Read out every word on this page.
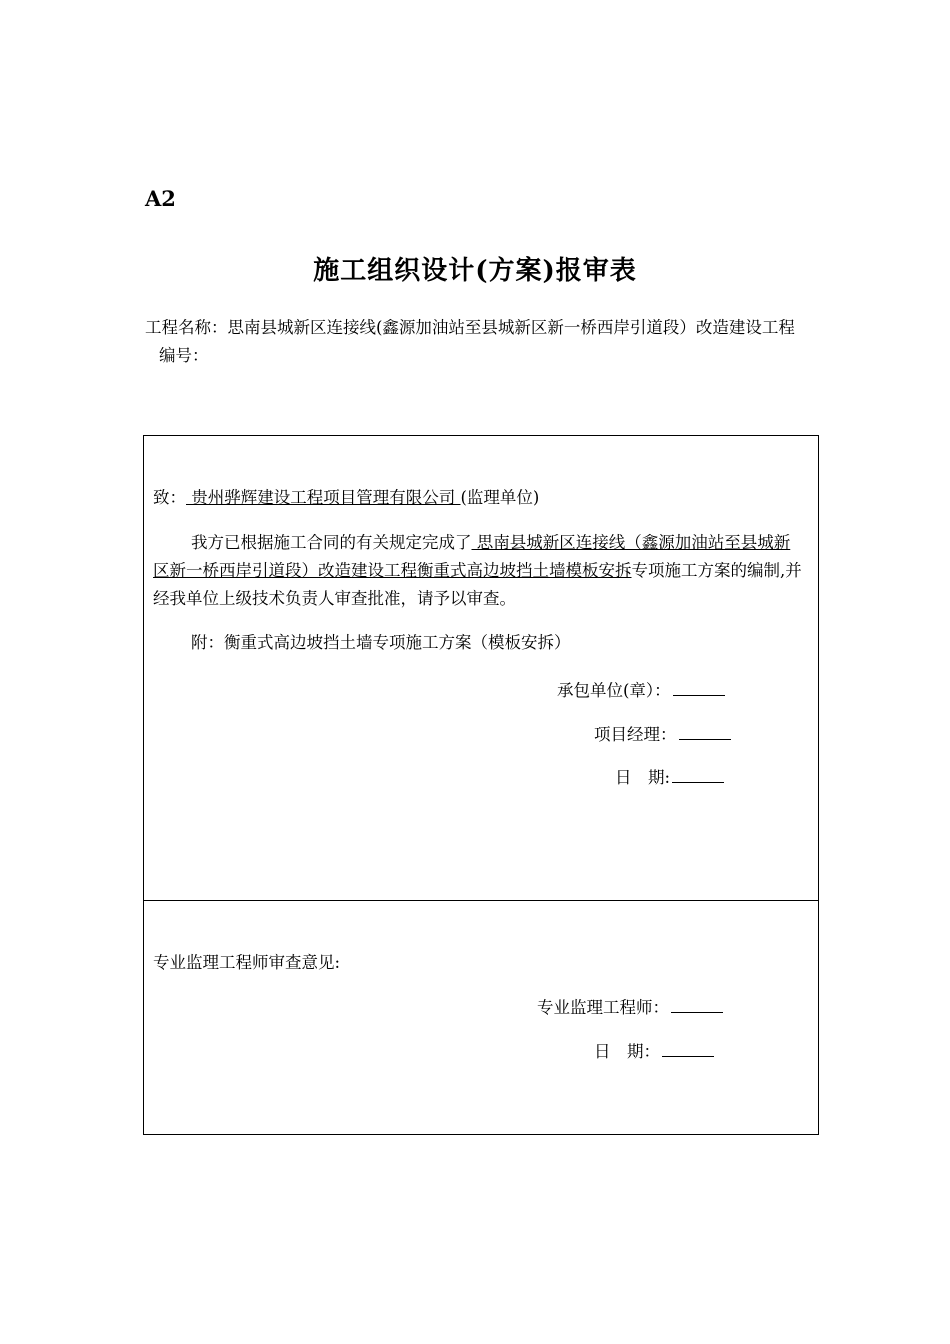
A2
施工组织设计(方案)报审表
工程名称：思南县城新区连接线(鑫源加油站至县城新区新一桥西岸引道段）改造建设工程编号：
致： 贵州骅辉建设工程项目管理有限公司 (监理单位)
我方已根据施工合同的有关规定完成了 思南县城新区连接线（鑫源加油站至县城新区新一桥西岸引道段）改造建设工程衡重式高边坡挡土墙模板安拆专项施工方案的编制,并经我单位上级技术负责人审查批准，请予以审查。
附：衡重式高边坡挡土墙专项施工方案（模板安拆）
承包单位(章）：
项目经理：
日　期:
专业监理工程师审查意见:
专业监理工程师：
日　期：
